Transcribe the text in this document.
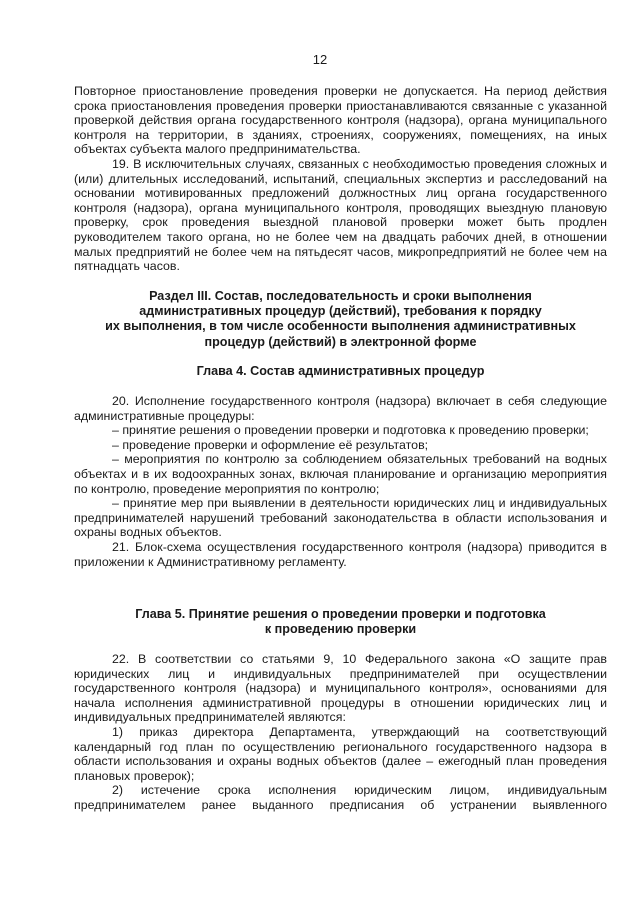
12

Повторное приостановление проведения проверки не допускается. На период действия срока приостановления проведения проверки приостанавливаются связанные с указанной проверкой действия органа государственного контроля (надзора), органа муниципального контроля на территории, в зданиях, строениях, сооружениях, помещениях, на иных объектах субъекта малого предпринимательства.

19. В исключительных случаях, связанных с необходимостью проведения сложных и (или) длительных исследований, испытаний, специальных экспертиз и расследований на основании мотивированных предложений должностных лиц органа государственного контроля (надзора), органа муниципального контроля, проводящих выездную плановую проверку, срок проведения выездной плановой проверки может быть продлен руководителем такого органа, но не более чем на двадцать рабочих дней, в отношении малых предприятий не более чем на пятьдесят часов, микропредприятий не более чем на пятнадцать часов.

Раздел III. Состав, последовательность и сроки выполнения
административных процедур (действий), требования к порядку
их выполнения, в том числе особенности выполнения административных
процедур (действий) в электронной форме
Глава 4. Состав административных процедур

20. Исполнение государственного контроля (надзора) включает в себя следующие административные процедуры:

– принятие решения о проведении проверки и подготовка к проведению проверки;

– проведение проверки и оформление её результатов;

– мероприятия по контролю за соблюдением обязательных требований на водных объектах и в их водоохранных зонах, включая планирование и организацию мероприятия по контролю, проведение мероприятия по контролю;

– принятие мер при выявлении в деятельности юридических лиц и индивидуальных предпринимателей нарушений требований законодательства в области использования и охраны водных объектов.

21. Блок-схема осуществления государственного контроля (надзора) приводится в приложении к Административному регламенту.

Глава 5. Принятие решения о проведении проверки и подготовка
к проведению проверки

22. В соответствии со статьями 9, 10 Федерального закона «О защите прав юридических лиц и индивидуальных предпринимателей при осуществлении государственного контроля (надзора) и муниципального контроля», основаниями для начала исполнения административной процедуры в отношении юридических лиц и индивидуальных предпринимателей являются:

1) приказ директора Департамента, утверждающий на соответствующий календарный год план по осуществлению регионального государственного надзора в области использования и охраны водных объектов (далее – ежегодный план проведения плановых проверок);

2) истечение срока исполнения юридическим лицом, индивидуальным предпринимателем ранее выданного предписания об устранении выявленного
